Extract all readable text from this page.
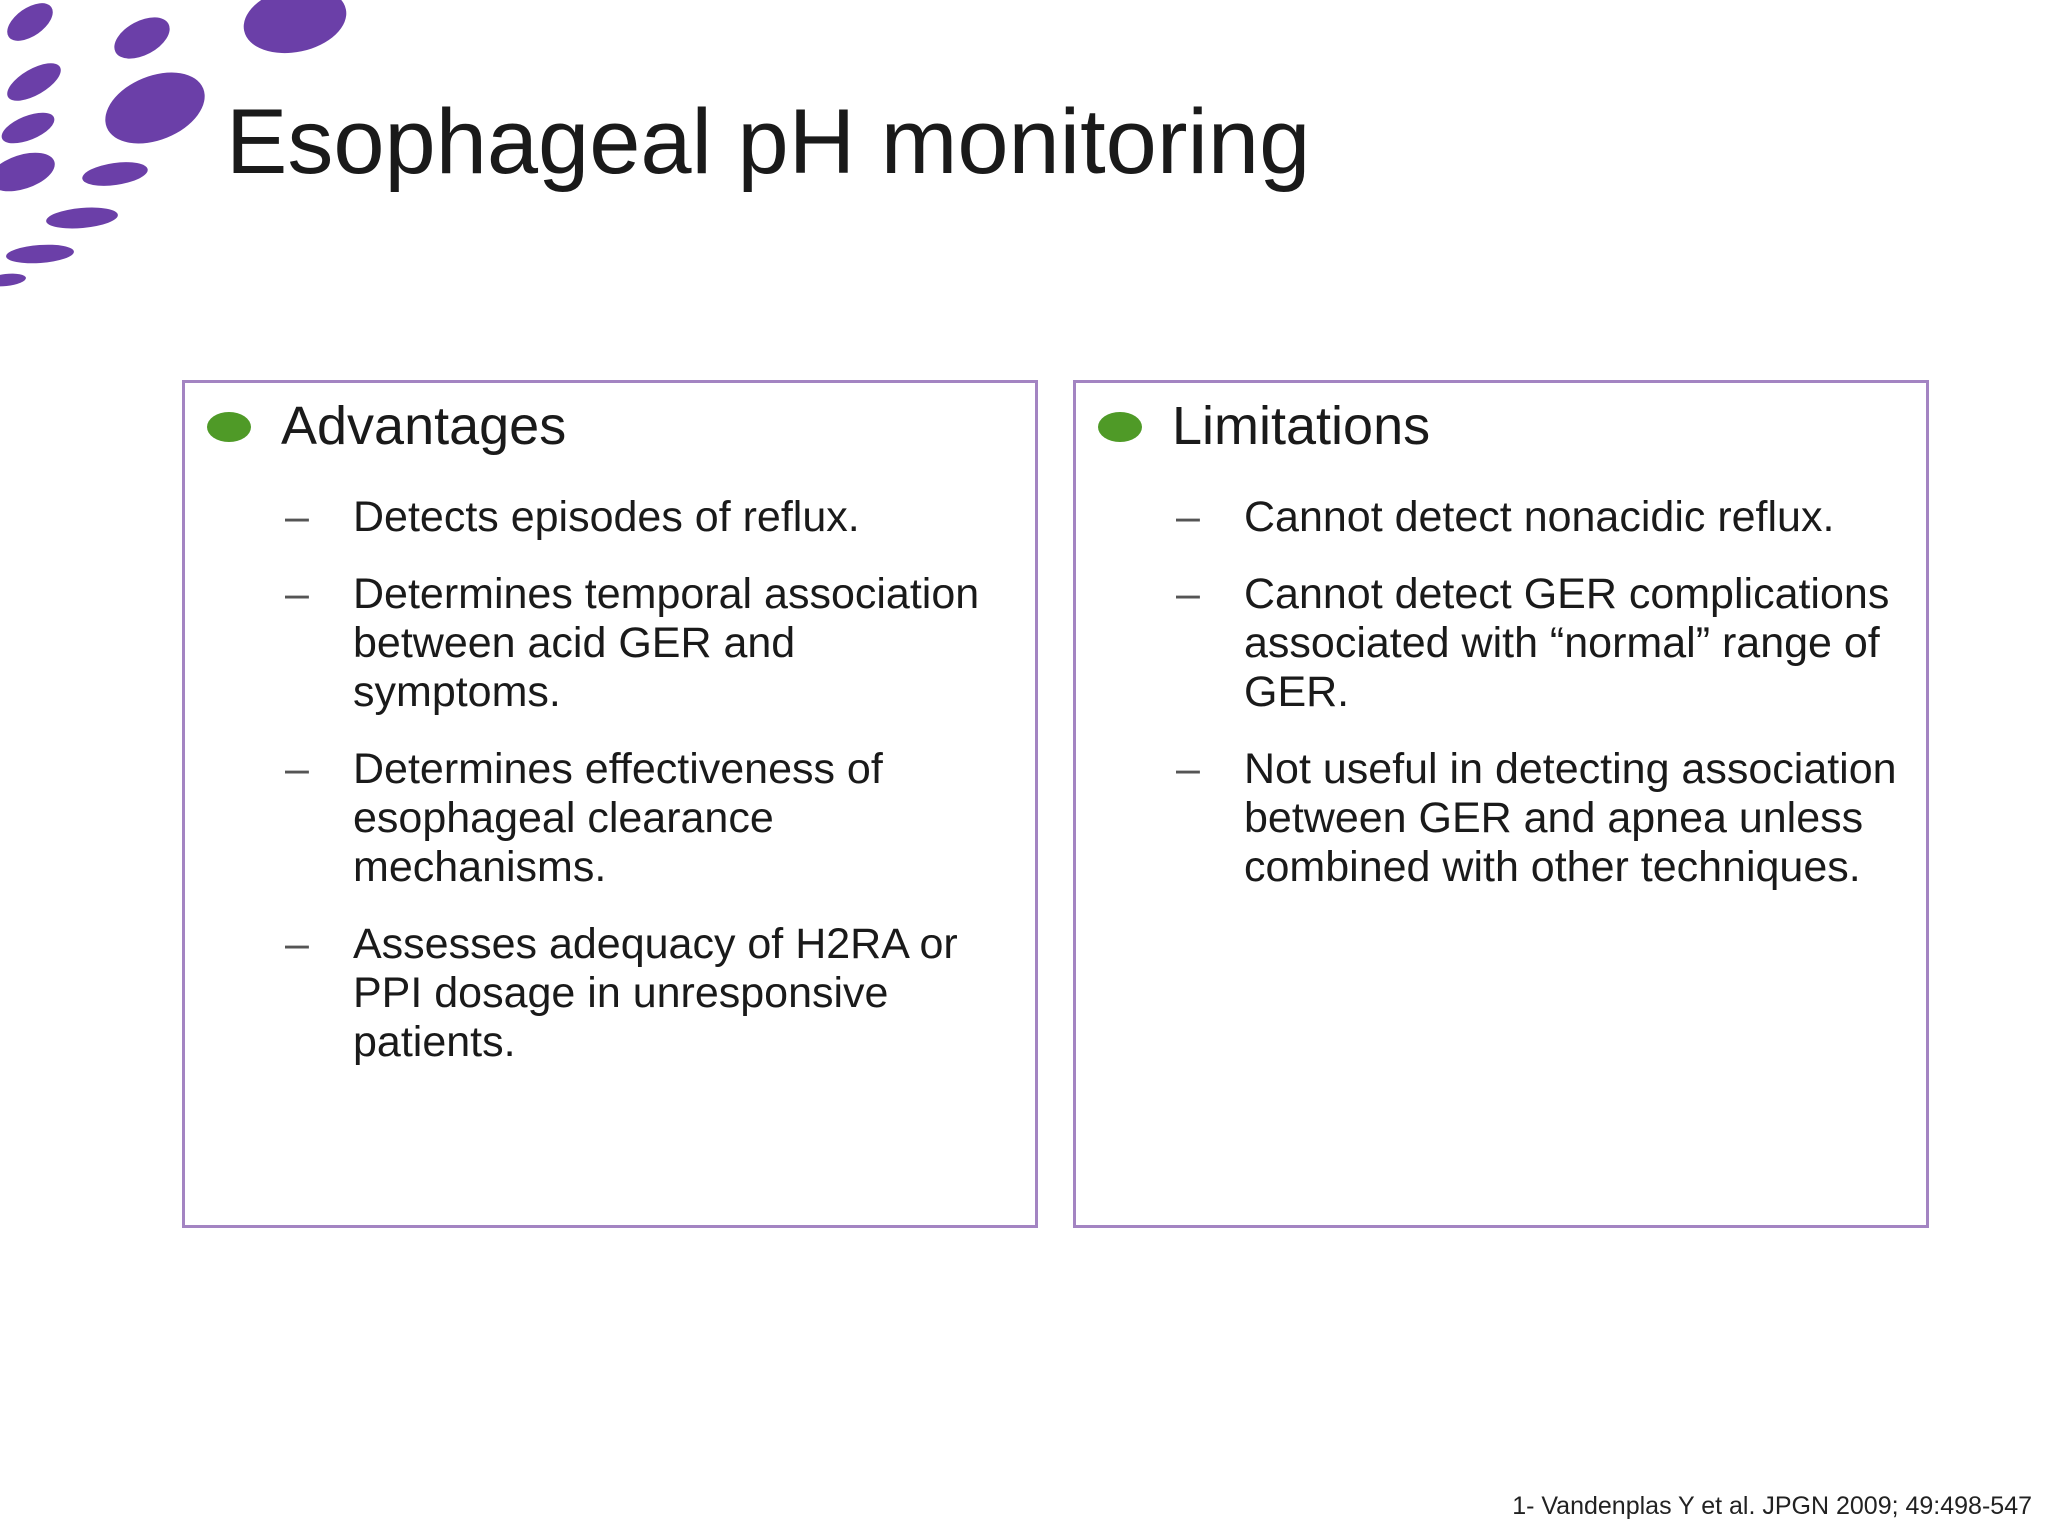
Esophageal pH monitoring
Advantages
– Detects episodes of reflux.
– Determines temporal association between acid GER and symptoms.
– Determines effectiveness of esophageal clearance mechanisms.
– Assesses adequacy of H2RA or PPI dosage in unresponsive patients.
Limitations
– Cannot detect nonacidic reflux.
– Cannot detect GER complications associated with “normal” range of GER.
– Not useful in detecting association between GER and apnea unless combined with other techniques.
1- Vandenplas Y et al. JPGN 2009; 49:498-547
